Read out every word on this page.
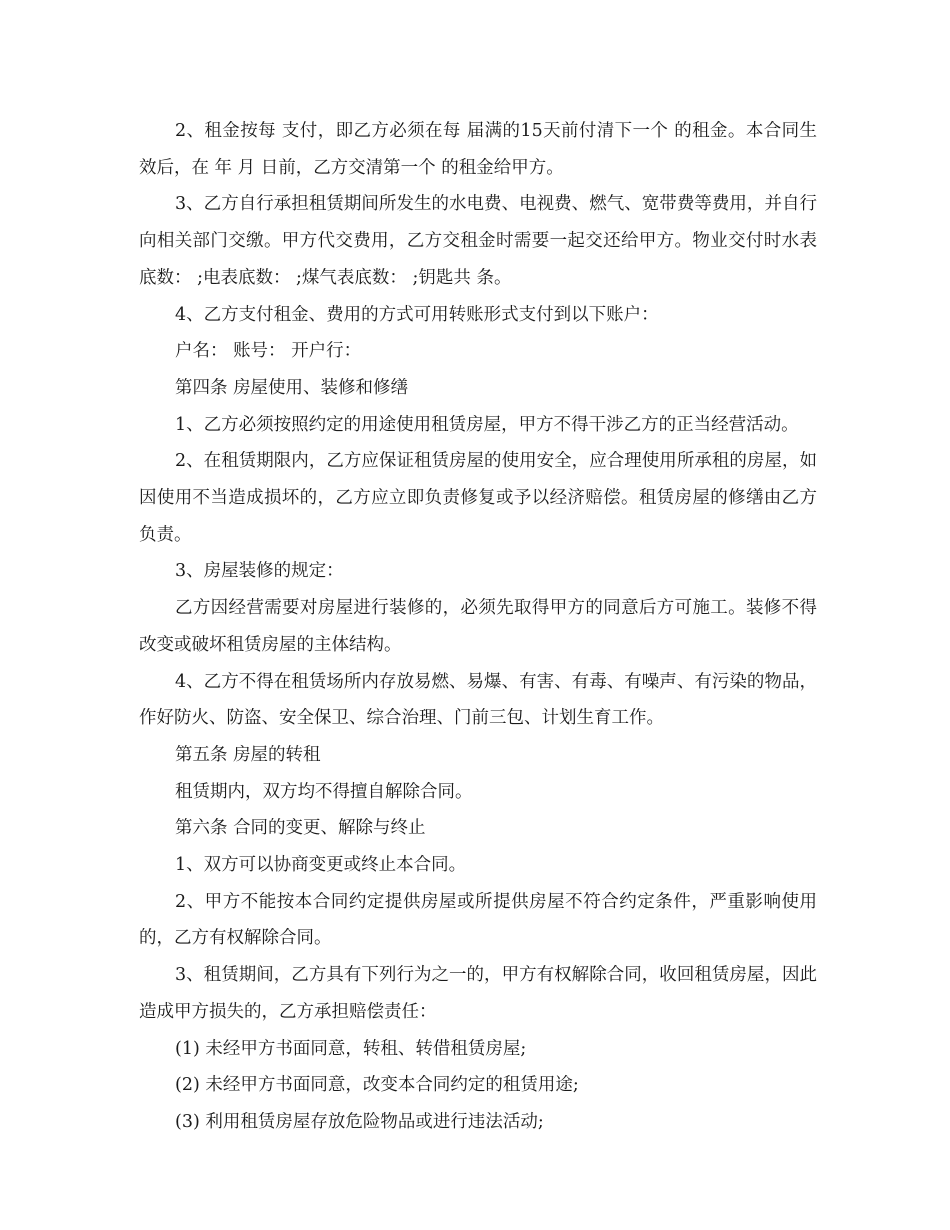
2、租金按每 支付，即乙方必须在每 届满的15天前付清下一个 的租金。本合同生效后，在 年 月 日前，乙方交清第一个 的租金给甲方。

3、乙方自行承担租赁期间所发生的水电费、电视费、燃气、宽带费等费用，并自行向相关部门交缴。甲方代交费用，乙方交租金时需要一起交还给甲方。物业交付时水表底数： ;电表底数： ;煤气表底数： ;钥匙共 条。

4、乙方支付租金、费用的方式可用转账形式支付到以下账户：

户名： 账号： 开户行：

第四条 房屋使用、装修和修缮

1、乙方必须按照约定的用途使用租赁房屋，甲方不得干涉乙方的正当经营活动。

2、在租赁期限内，乙方应保证租赁房屋的使用安全，应合理使用所承租的房屋，如因使用不当造成损坏的，乙方应立即负责修复或予以经济赔偿。租赁房屋的修缮由乙方负责。

3、房屋装修的规定：

乙方因经营需要对房屋进行装修的，必须先取得甲方的同意后方可施工。装修不得改变或破坏租赁房屋的主体结构。

4、乙方不得在租赁场所内存放易燃、易爆、有害、有毒、有噪声、有污染的物品，作好防火、防盗、安全保卫、综合治理、门前三包、计划生育工作。

第五条 房屋的转租

租赁期内，双方均不得擅自解除合同。

第六条 合同的变更、解除与终止

1、双方可以协商变更或终止本合同。

2、甲方不能按本合同约定提供房屋或所提供房屋不符合约定条件，严重影响使用的，乙方有权解除合同。

3、租赁期间，乙方具有下列行为之一的，甲方有权解除合同，收回租赁房屋，因此造成甲方损失的，乙方承担赔偿责任：

(1) 未经甲方书面同意，转租、转借租赁房屋;

(2) 未经甲方书面同意，改变本合同约定的租赁用途;

(3) 利用租赁房屋存放危险物品或进行违法活动;
